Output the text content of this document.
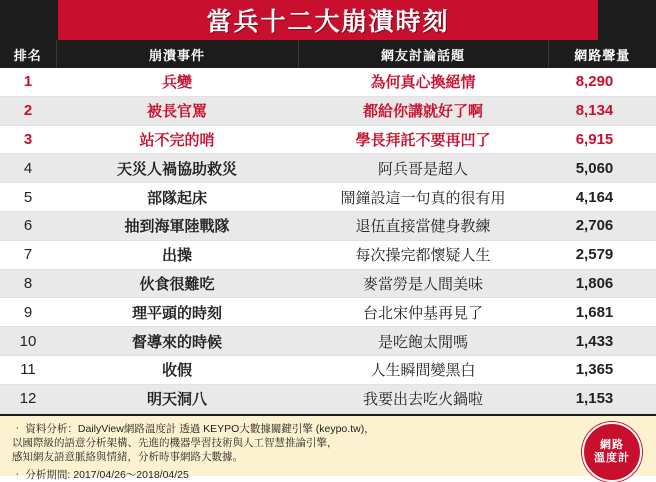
當兵十二大崩潰時刻
排名	崩潰事件	網友討論話題	網路聲量
1	兵變	為何真心換絕情	8,290
2	被長官罵	都給你講就好了啊	8,134
3	站不完的哨	學長拜託不要再凹了	6,915
4	天災人禍協助救災	阿兵哥是超人	5,060
5	部隊起床	鬧鐘設這一句真的很有用	4,164
6	抽到海軍陸戰隊	退伍直接當健身教練	2,706
7	出操	每次操完都懷疑人生	2,579
8	伙食很難吃	麥當勞是人間美味	1,806
9	理平頭的時刻	台北宋仲基再見了	1,681
10	督導來的時候	是吃飽太閒嗎	1,433
11	收假	人生瞬間變黑白	1,365
12	明天洞八	我要出去吃火鍋啦	1,153

‧ 資料分析：DailyView網路溫度計 透過 KEYPO大數據關鍵引擎 (keypo.tw)，

以國際級的語意分析架構、先進的機器學習技術與人工智慧推論引擎，

感知網友語意脈絡與情緒，分析時事網路大數據。

‧ 分析期間: 2017/04/26～2018/04/25

網路
溫度計
